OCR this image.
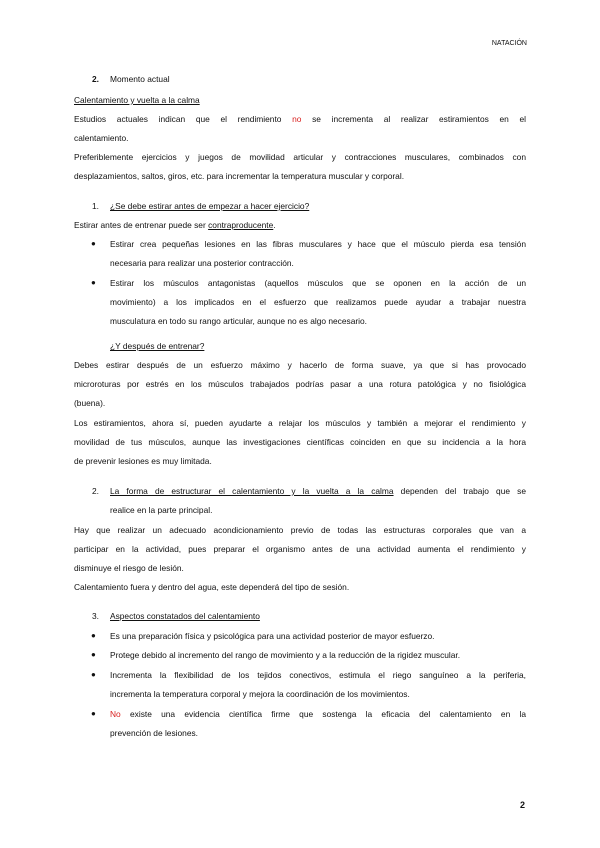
NATACIÓN
2. Momento actual
Calentamiento y vuelta a la calma
Estudios actuales indican que el rendimiento no se incrementa al realizar estiramientos en el
calentamiento.
Preferiblemente ejercicios y juegos de movilidad articular y contracciones musculares, combinados con
desplazamientos, saltos, giros, etc. para incrementar la temperatura muscular y corporal.
1. ¿Se debe estirar antes de empezar a hacer ejercicio?
Estirar antes de entrenar puede ser contraproducente.
● Estirar crea pequeñas lesiones en las fibras musculares y hace que el músculo pierda esa tensión
necesaria para realizar una posterior contracción.
● Estirar los músculos antagonistas (aquellos músculos que se oponen en la acción de un
movimiento) a los implicados en el esfuerzo que realizamos puede ayudar a trabajar nuestra
musculatura en todo su rango articular, aunque no es algo necesario.
¿Y después de entrenar?
Debes estirar después de un esfuerzo máximo y hacerlo de forma suave, ya que si has provocado
microroturas por estrés en los músculos trabajados podrías pasar a una rotura patológica y no fisiológica
(buena).
Los estiramientos, ahora sí, pueden ayudarte a relajar los músculos y también a mejorar el rendimiento y
movilidad de tus músculos, aunque las investigaciones científicas coinciden en que su incidencia a la hora
de prevenir lesiones es muy limitada.
2. La forma de estructurar el calentamiento y la vuelta a la calma dependen del trabajo que se
realice en la parte principal.
Hay que realizar un adecuado acondicionamiento previo de todas las estructuras corporales que van a
participar en la actividad, pues preparar el organismo antes de una actividad aumenta el rendimiento y
disminuye el riesgo de lesión.
Calentamiento fuera y dentro del agua, este dependerá del tipo de sesión.
3. Aspectos constatados del calentamiento
● Es una preparación física y psicológica para una actividad posterior de mayor esfuerzo.
● Protege debido al incremento del rango de movimiento y a la reducción de la rigidez muscular.
● Incrementa la flexibilidad de los tejidos conectivos, estimula el riego sanguíneo a la periferia,
incrementa la temperatura corporal y mejora la coordinación de los movimientos.
● No existe una evidencia científica firme que sostenga la eficacia del calentamiento en la
prevención de lesiones.
2
